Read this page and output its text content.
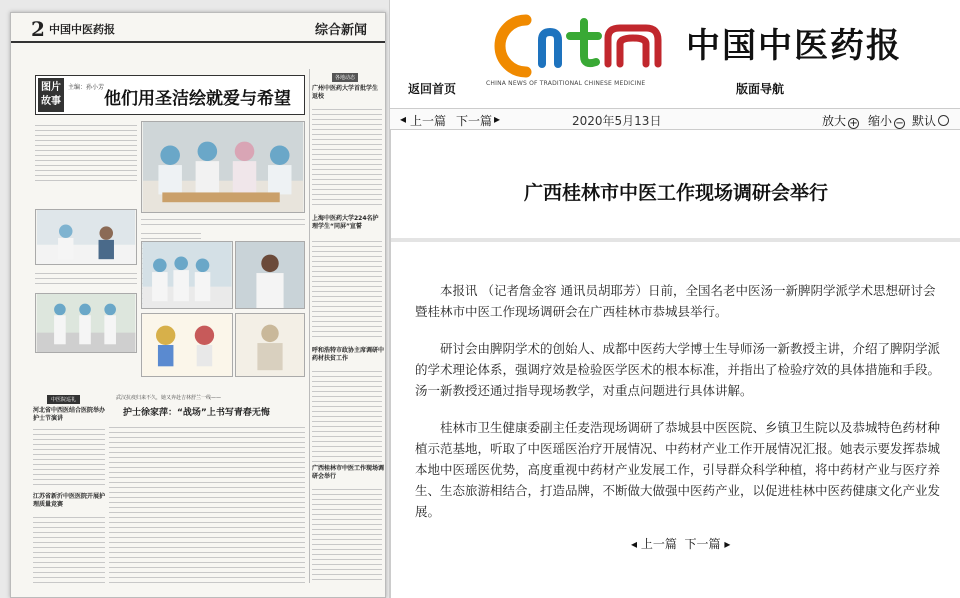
2 中国中医药报	综合新闻
图片故事
主编：孙小芳
他们用圣洁绘就爱与希望
各地动态
广州中医药大学首批学生返校
上海中医药大学224名护理学生“同屏”宣誓
呼和浩特市政协主席调研中药材扶贫工作
广西桂林市中医工作现场调研会举行
武汉抗疫归来不久，她又奔赴吉林舒兰一线——
护士徐家萍：“战场”上书写青春无悔
中医院巡礼
河北省中西医结合医院举办护士节演讲
江苏省新沂中医医院开展护理质量竞赛
CHINA NEWS OF TRADITIONAL CHINESE MEDICINE
中国中医药报
返回首页	版面导航
◂ 上一篇 下一篇 ▸	2020年5月13日	放大 + 缩小 − 默认
广西桂林市中医工作现场调研会举行

本报讯 （记者詹金容 通讯员胡耶芳）日前，全国名老中医汤一新脾阴学派学术思想研讨会暨桂林市中医工作现场调研会在广西桂林市恭城县举行。

研讨会由脾阴学术的创始人、成都中医药大学博士生导师汤一新教授主讲，介绍了脾阴学派的学术理论体系，强调疗效是检验医学医术的根本标准，并指出了检验疗效的具体措施和手段。汤一新教授还通过指导现场教学，对重点问题进行具体讲解。

桂林市卫生健康委副主任麦浩现场调研了恭城县中医医院、乡镇卫生院以及恭城特色药材种植示范基地，听取了中医瑶医治疗开展情况、中药材产业工作开展情况汇报。她表示要发挥恭城本地中医瑶医优势，高度重视中药材产业发展工作，引导群众科学种植，将中药材产业与医疗养生、生态旅游相结合，打造品牌，不断做大做强中医药产业，以促进桂林中医药健康文化产业发展。

◂ 上一篇 下一篇 ▸
